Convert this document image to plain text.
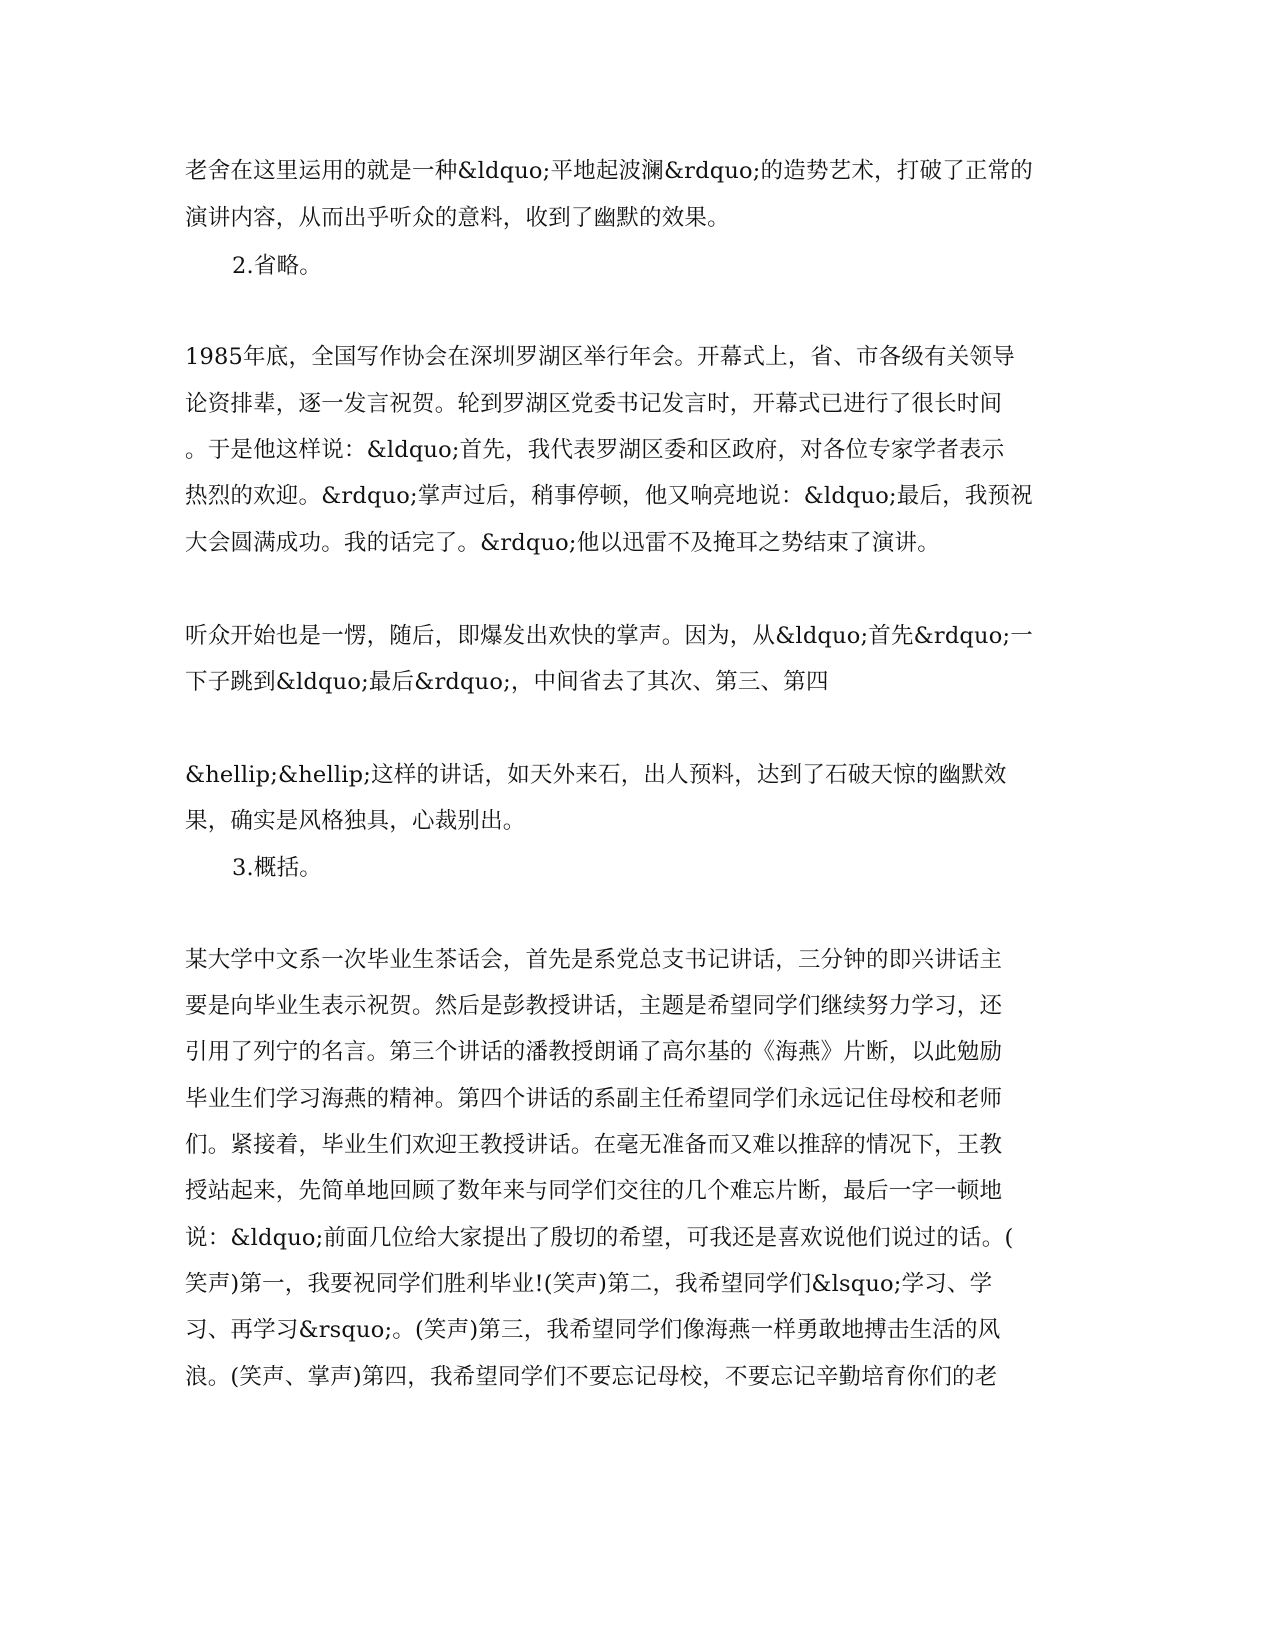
老舍在这里运用的就是一种&ldquo;平地起波澜&rdquo;的造势艺术，打破了正常的
演讲内容，从而出乎听众的意料，收到了幽默的效果。
2.省略。
1985年底，全国写作协会在深圳罗湖区举行年会。开幕式上，省、市各级有关领导
论资排辈，逐一发言祝贺。轮到罗湖区党委书记发言时，开幕式已进行了很长时间
。于是他这样说：&ldquo;首先，我代表罗湖区委和区政府，对各位专家学者表示
热烈的欢迎。&rdquo;掌声过后，稍事停顿，他又响亮地说：&ldquo;最后，我预祝
大会圆满成功。我的话完了。&rdquo;他以迅雷不及掩耳之势结束了演讲。
听众开始也是一愣，随后，即爆发出欢快的掌声。因为，从&ldquo;首先&rdquo;一
下子跳到&ldquo;最后&rdquo;，中间省去了其次、第三、第四
&hellip;&hellip;这样的讲话，如天外来石，出人预料，达到了石破天惊的幽默效
果，确实是风格独具，心裁别出。
3.概括。
某大学中文系一次毕业生茶话会，首先是系党总支书记讲话，三分钟的即兴讲话主
要是向毕业生表示祝贺。然后是彭教授讲话，主题是希望同学们继续努力学习，还
引用了列宁的名言。第三个讲话的潘教授朗诵了高尔基的《海燕》片断，以此勉励
毕业生们学习海燕的精神。第四个讲话的系副主任希望同学们永远记住母校和老师
们。紧接着，毕业生们欢迎王教授讲话。在毫无准备而又难以推辞的情况下，王教
授站起来，先简单地回顾了数年来与同学们交往的几个难忘片断，最后一字一顿地
说：&ldquo;前面几位给大家提出了殷切的希望，可我还是喜欢说他们说过的话。(
笑声)第一，我要祝同学们胜利毕业!(笑声)第二，我希望同学们&lsquo;学习、学
习、再学习&rsquo;。(笑声)第三，我希望同学们像海燕一样勇敢地搏击生活的风
浪。(笑声、掌声)第四，我希望同学们不要忘记母校，不要忘记辛勤培育你们的老
